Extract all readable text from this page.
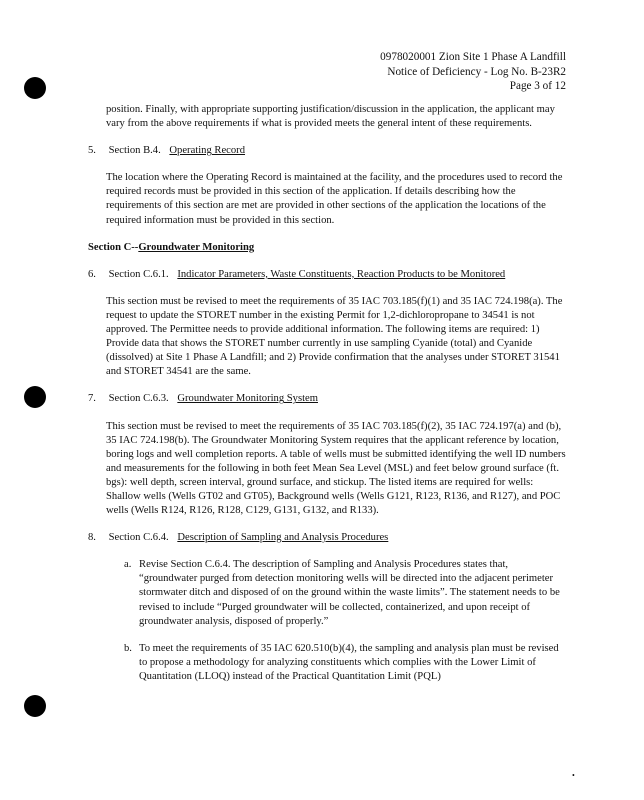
0978020001 Zion Site 1 Phase A Landfill
Notice of Deficiency - Log No. B-23R2
Page 3 of 12

position. Finally, with appropriate supporting justification/discussion in the application, the applicant may vary from the above requirements if what is provided meets the general intent of these requirements.

5. Section B.4. Operating Record

The location where the Operating Record is maintained at the facility, and the procedures used to record the required records must be provided in this section of the application. If details describing how the requirements of this section are met are provided in other sections of the application the locations of the required information must be provided in this section.

Section C--Groundwater Monitoring
6. Section C.6.1. Indicator Parameters, Waste Constituents, Reaction Products to be Monitored

This section must be revised to meet the requirements of 35 IAC 703.185(f)(1) and 35 IAC 724.198(a). The request to update the STORET number in the existing Permit for 1,2-dichloropropane to 34541 is not approved. The Permittee needs to provide additional information. The following items are required: 1) Provide data that shows the STORET number currently in use sampling Cyanide (total) and Cyanide (dissolved) at Site 1 Phase A Landfill; and 2) Provide confirmation that the analyses under STORET 31541 and STORET 34541 are the same.

7. Section C.6.3. Groundwater Monitoring System

This section must be revised to meet the requirements of 35 IAC 703.185(f)(2), 35 IAC 724.197(a) and (b), 35 IAC 724.198(b). The Groundwater Monitoring System requires that the applicant reference by location, boring logs and well completion reports. A table of wells must be submitted identifying the well ID numbers and measurements for the following in both feet Mean Sea Level (MSL) and feet below ground surface (ft. bgs): well depth, screen interval, ground surface, and stickup. The listed items are required for wells: Shallow wells (Wells GT02 and GT05), Background wells (Wells G121, R123, R136, and R127), and POC wells (Wells R124, R126, R128, C129, G131, G132, and R133).

8. Section C.6.4. Description of Sampling and Analysis Procedures
a. Revise Section C.6.4. The description of Sampling and Analysis Procedures states that, “groundwater purged from detection monitoring wells will be directed into the adjacent perimeter stormwater ditch and disposed of on the ground within the waste limits”. The statement needs to be revised to include “Purged groundwater will be collected, containerized, and upon receipt of groundwater analysis, disposed of properly.”
b. To meet the requirements of 35 IAC 620.510(b)(4), the sampling and analysis plan must be revised to propose a methodology for analyzing constituents which complies with the Lower Limit of Quantitation (LLOQ) instead of the Practical Quantitation Limit (PQL)
•
